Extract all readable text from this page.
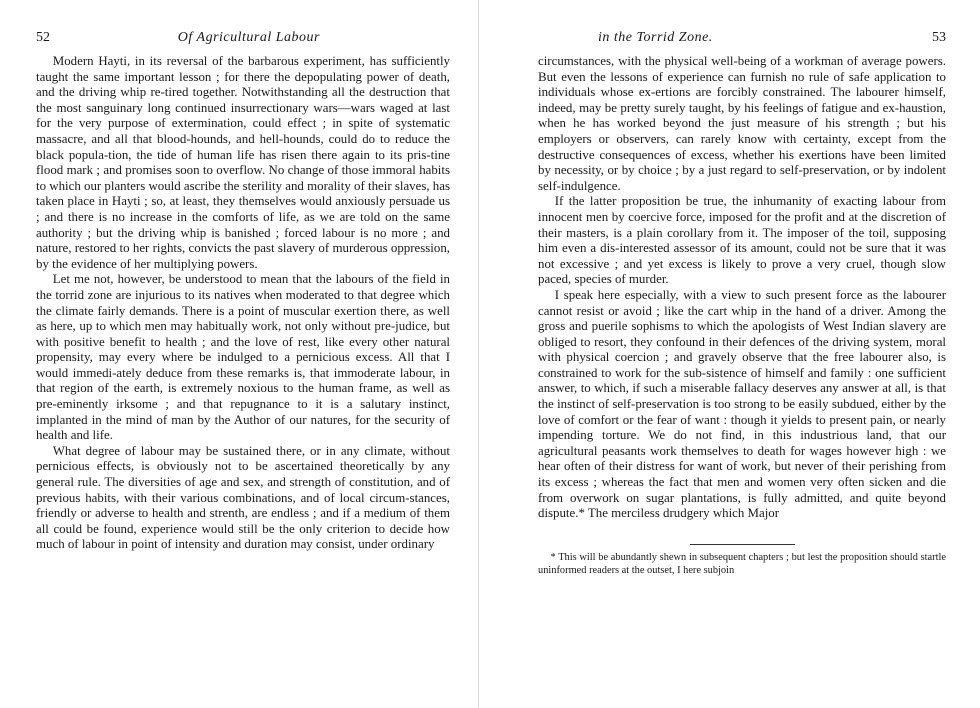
52	Of Agricultural Labour

Modern Hayti, in its reversal of the barbarous experiment, has sufficiently taught the same important lesson ; for there the depopulating power of death, and the driving whip re-tired together. Notwithstanding all the destruction that the most sanguinary long continued insurrectionary wars—wars waged at last for the very purpose of extermination, could effect ; in spite of systematic massacre, and all that blood-hounds, and hell-hounds, could do to reduce the black popula-tion, the tide of human life has risen there again to its pris-tine flood mark ; and promises soon to overflow. No change of those immoral habits to which our planters would ascribe the sterility and morality of their slaves, has taken place in Hayti ; so, at least, they themselves would anxiously persuade us ; and there is no increase in the comforts of life, as we are told on the same authority ; but the driving whip is banished ; forced labour is no more ; and nature, restored to her rights, convicts the past slavery of murderous oppression, by the evidence of her multiplying powers.

Let me not, however, be understood to mean that the labours of the field in the torrid zone are injurious to its natives when moderated to that degree which the climate fairly demands. There is a point of muscular exertion there, as well as here, up to which men may habitually work, not only without pre-judice, but with positive benefit to health ; and the love of rest, like every other natural propensity, may every where be indulged to a pernicious excess. All that I would immedi-ately deduce from these remarks is, that immoderate labour, in that region of the earth, is extremely noxious to the human frame, as well as pre-eminently irksome ; and that repugnance to it is a salutary instinct, implanted in the mind of man by the Author of our natures, for the security of health and life.

What degree of labour may be sustained there, or in any climate, without pernicious effects, is obviously not to be ascertained theoretically by any general rule. The diversities of age and sex, and strength of constitution, and of previous habits, with their various combinations, and of local circum-stances, friendly or adverse to health and strenth, are endless ; and if a medium of them all could be found, experience would still be the only criterion to decide how much of labour in point of intensity and duration may consist, under ordinary

in the Torrid Zone.	53

circumstances, with the physical well-being of a workman of average powers. But even the lessons of experience can furnish no rule of safe application to individuals whose ex-ertions are forcibly constrained. The labourer himself, indeed, may be pretty surely taught, by his feelings of fatigue and ex-haustion, when he has worked beyond the just measure of his strength ; but his employers or observers, can rarely know with certainty, except from the destructive consequences of excess, whether his exertions have been limited by necessity, or by choice ; by a just regard to self-preservation, or by indolent self-indulgence.

If the latter proposition be true, the inhumanity of exacting labour from innocent men by coercive force, imposed for the profit and at the discretion of their masters, is a plain corollary from it. The imposer of the toil, supposing him even a dis-interested assessor of its amount, could not be sure that it was not excessive ; and yet excess is likely to prove a very cruel, though slow paced, species of murder.

I speak here especially, with a view to such present force as the labourer cannot resist or avoid ; like the cart whip in the hand of a driver. Among the gross and puerile sophisms to which the apologists of West Indian slavery are obliged to resort, they confound in their defences of the driving system, moral with physical coercion ; and gravely observe that the free labourer also, is constrained to work for the sub-sistence of himself and family : one sufficient answer, to which, if such a miserable fallacy deserves any answer at all, is that the instinct of self-preservation is too strong to be easily subdued, either by the love of comfort or the fear of want : though it yields to present pain, or nearly impending torture. We do not find, in this industrious land, that our agricultural peasants work themselves to death for wages however high : we hear often of their distress for want of work, but never of their perishing from its excess ; whereas the fact that men and women very often sicken and die from overwork on sugar plantations, is fully admitted, and quite beyond dispute.* The merciless drudgery which Major

* This will be abundantly shewn in subsequent chapters ; but lest the proposition should startle uninformed readers at the outset, I here subjoin
